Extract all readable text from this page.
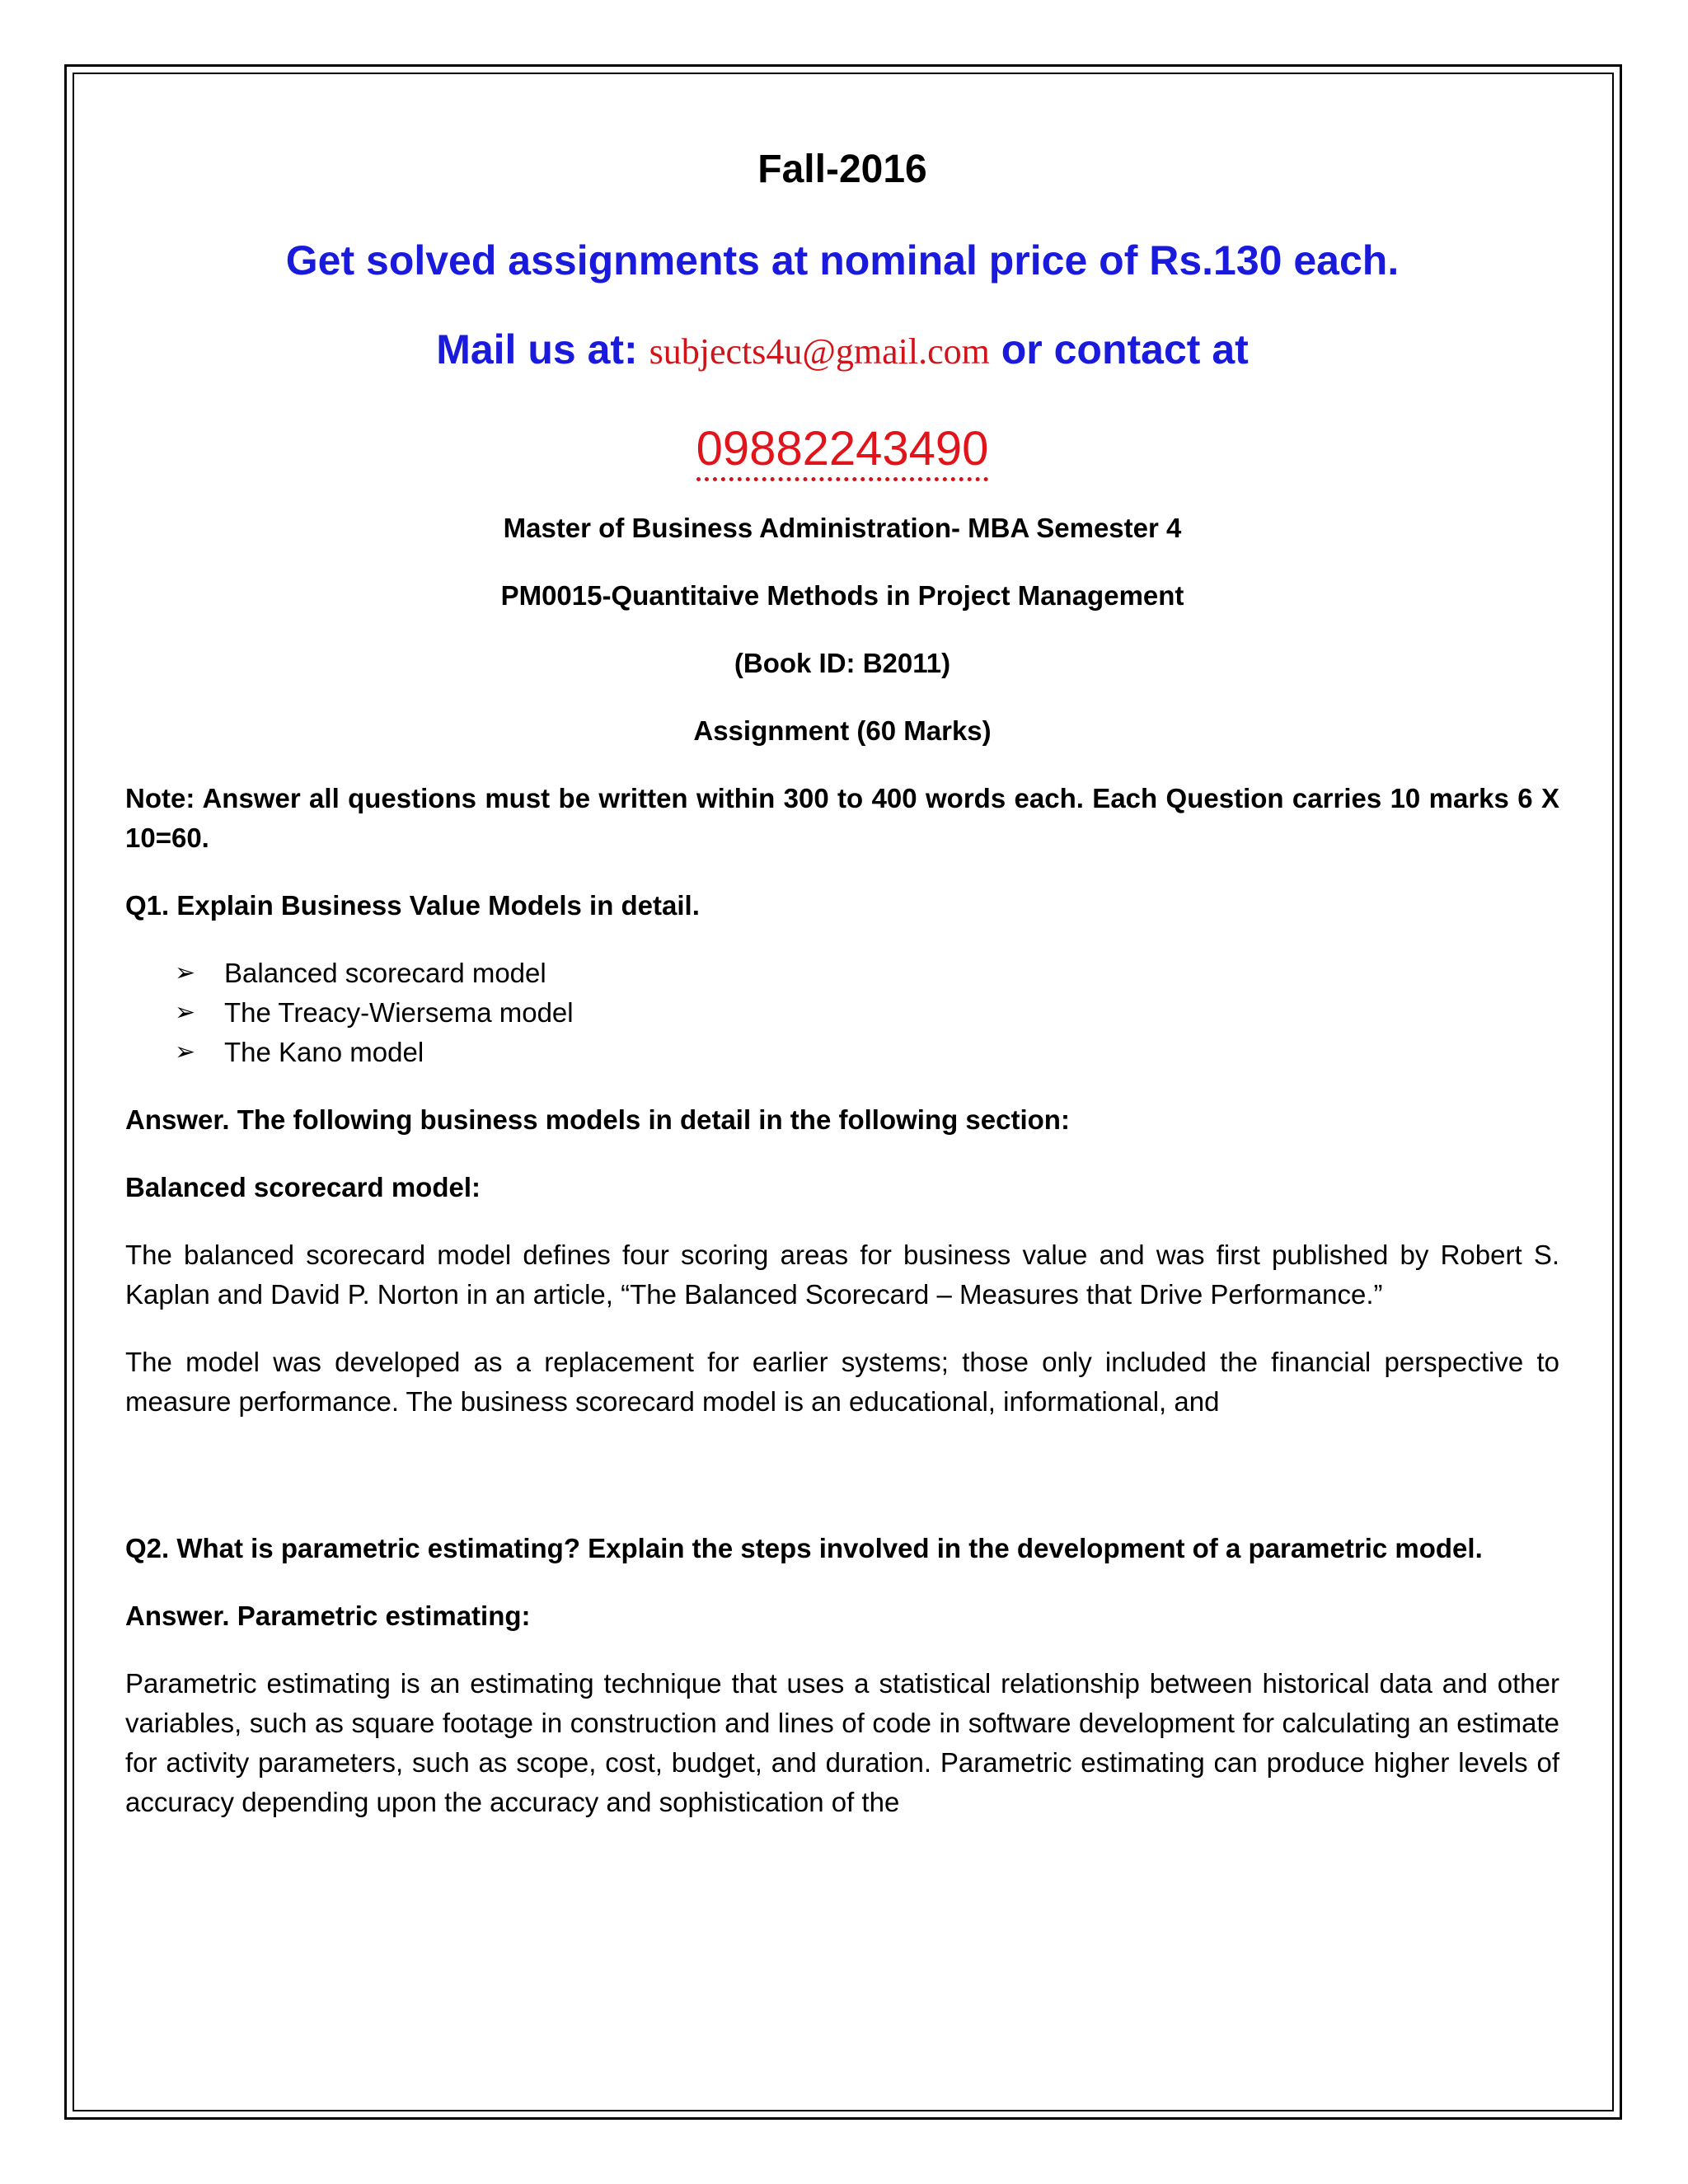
Fall-2016

Get solved assignments at nominal price of Rs.130 each.

Mail us at: subjects4u@gmail.com or contact at

09882243490

Master of Business Administration- MBA Semester 4

PM0015-Quantitaive Methods in Project Management

(Book ID: B2011)

Assignment (60 Marks)

Note: Answer all questions must be written within 300 to 400 words each. Each Question carries 10 marks 6 X 10=60.

Q1. Explain Business Value Models in detail.

➢ Balanced scorecard model
➢ The Treacy-Wiersema model
➢ The Kano model

Answer. The following business models in detail in the following section:

Balanced scorecard model:

The balanced scorecard model defines four scoring areas for business value and was first published by Robert S. Kaplan and David P. Norton in an article, “The Balanced Scorecard – Measures that Drive Performance.”

The model was developed as a replacement for earlier systems; those only included the financial perspective to measure performance. The business scorecard model is an educational, informational, and

Q2. What is parametric estimating? Explain the steps involved in the development of a parametric model.

Answer. Parametric estimating:

Parametric estimating is an estimating technique that uses a statistical relationship between historical data and other variables, such as square footage in construction and lines of code in software development for calculating an estimate for activity parameters, such as scope, cost, budget, and duration. Parametric estimating can produce higher levels of accuracy depending upon the accuracy and sophistication of the
